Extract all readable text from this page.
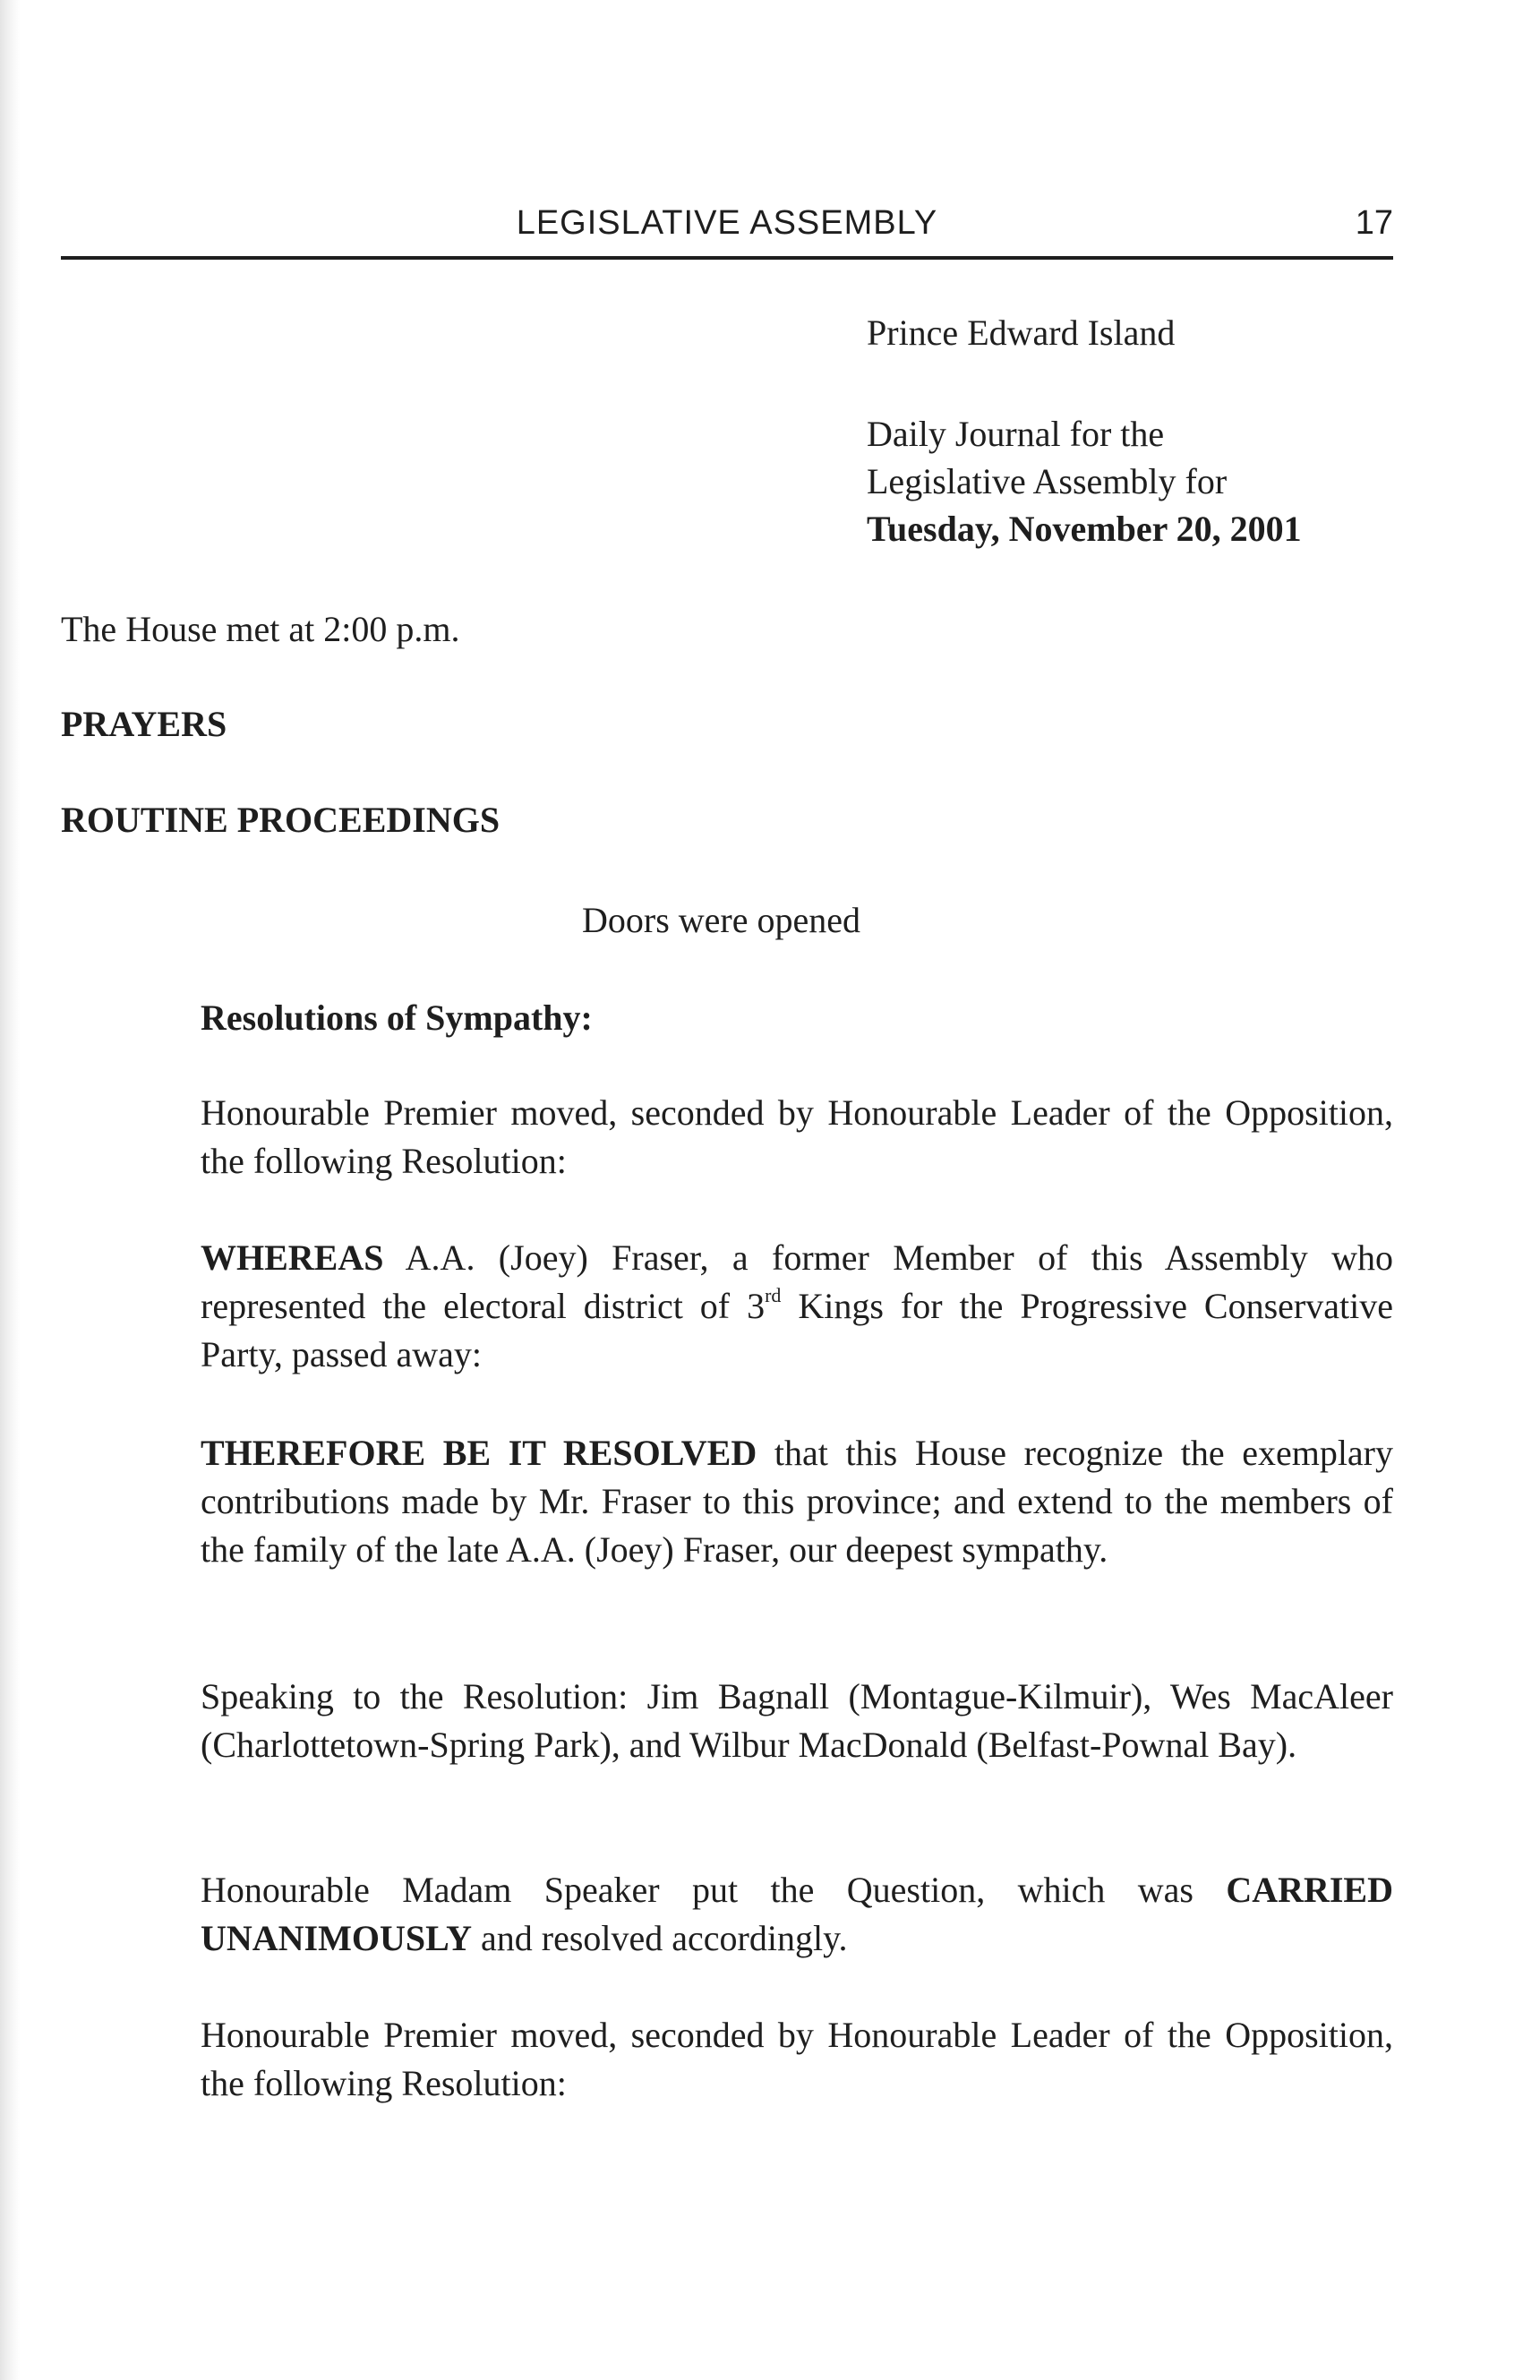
LEGISLATIVE ASSEMBLY	17
Prince Edward Island
Daily Journal for the
Legislative Assembly for
Tuesday, November 20, 2001
The House met at 2:00 p.m.
PRAYERS
ROUTINE PROCEEDINGS
Doors were opened
Resolutions of Sympathy:
Honourable Premier moved, seconded by Honourable Leader of the Opposition, the following Resolution:
WHEREAS A.A. (Joey) Fraser, a former Member of this Assembly who represented the electoral district of 3rd Kings for the Progressive Conservative Party, passed away:
THEREFORE BE IT RESOLVED that this House recognize the exemplary contributions made by Mr. Fraser to this province; and extend to the members of the family of the late A.A. (Joey) Fraser, our deepest sympathy.
Speaking to the Resolution: Jim Bagnall (Montague-Kilmuir), Wes MacAleer (Charlottetown-Spring Park), and Wilbur MacDonald (Belfast-Pownal Bay).
Honourable Madam Speaker put the Question, which was CARRIED UNANIMOUSLY and resolved accordingly.
Honourable Premier moved, seconded by Honourable Leader of the Opposition, the following Resolution:
